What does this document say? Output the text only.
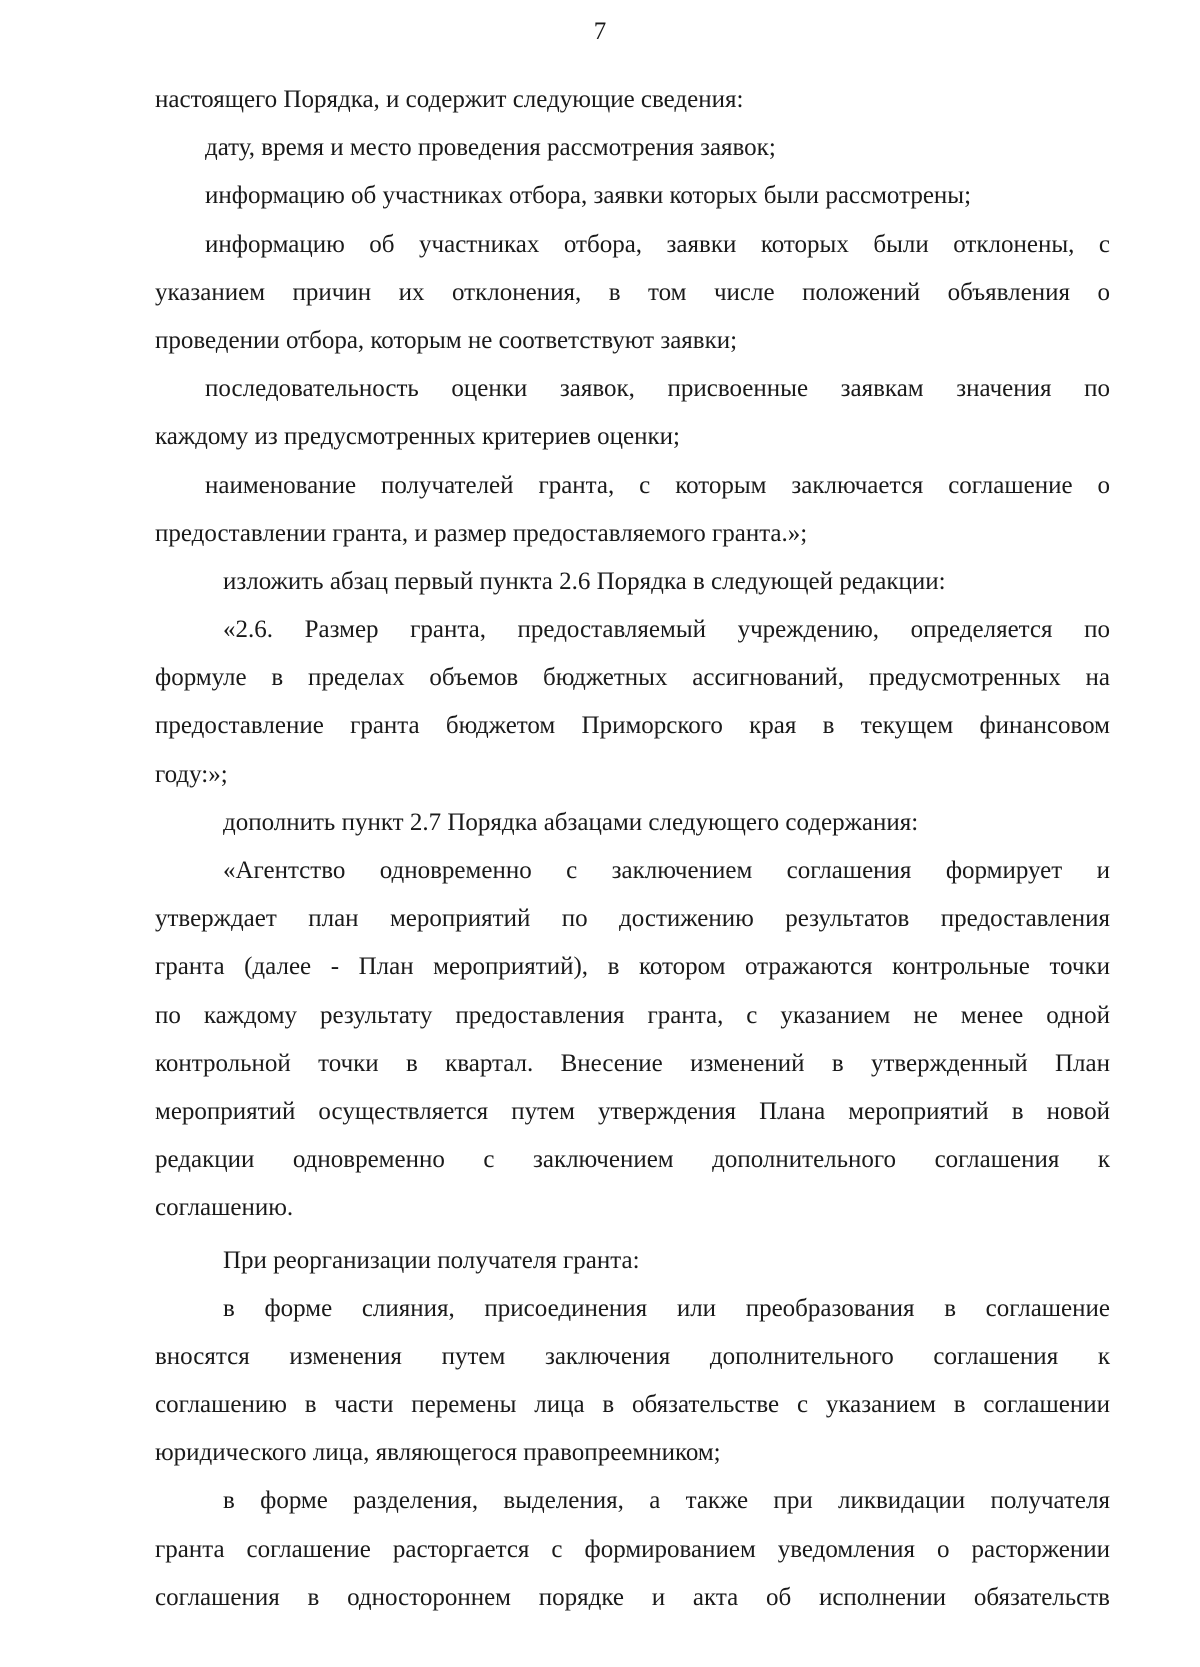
7
настоящего Порядка, и содержит следующие сведения:
дату, время и место проведения рассмотрения заявок;
информацию об участниках отбора, заявки которых были рассмотрены;
информацию об участниках отбора, заявки которых были отклонены, с
указанием причин их отклонения, в том числе положений объявления о
проведении отбора, которым не соответствуют заявки;
последовательность оценки заявок, присвоенные заявкам значения по
каждому из предусмотренных критериев оценки;
наименование получателей гранта, с которым заключается соглашение о
предоставлении гранта, и размер предоставляемого гранта.»;
изложить абзац первый пункта 2.6 Порядка в следующей редакции:
«2.6. Размер гранта, предоставляемый учреждению, определяется по
формуле в пределах объемов бюджетных ассигнований, предусмотренных на
предоставление гранта бюджетом Приморского края в текущем финансовом
году:»;
дополнить пункт 2.7 Порядка абзацами следующего содержания:
«Агентство одновременно с заключением соглашения формирует и
утверждает план мероприятий по достижению результатов предоставления
гранта (далее - План мероприятий), в котором отражаются контрольные точки
по каждому результату предоставления гранта, с указанием не менее одной
контрольной точки в квартал. Внесение изменений в утвержденный План
мероприятий осуществляется путем утверждения Плана мероприятий в новой
редакции одновременно с заключением дополнительного соглашения к
соглашению.
При реорганизации получателя гранта:
в форме слияния, присоединения или преобразования в соглашение
вносятся изменения путем заключения дополнительного соглашения к
соглашению в части перемены лица в обязательстве с указанием в соглашении
юридического лица, являющегося правопреемником;
в форме разделения, выделения, а также при ликвидации получателя
гранта соглашение расторгается с формированием уведомления о расторжении
соглашения в одностороннем порядке и акта об исполнении обязательств
